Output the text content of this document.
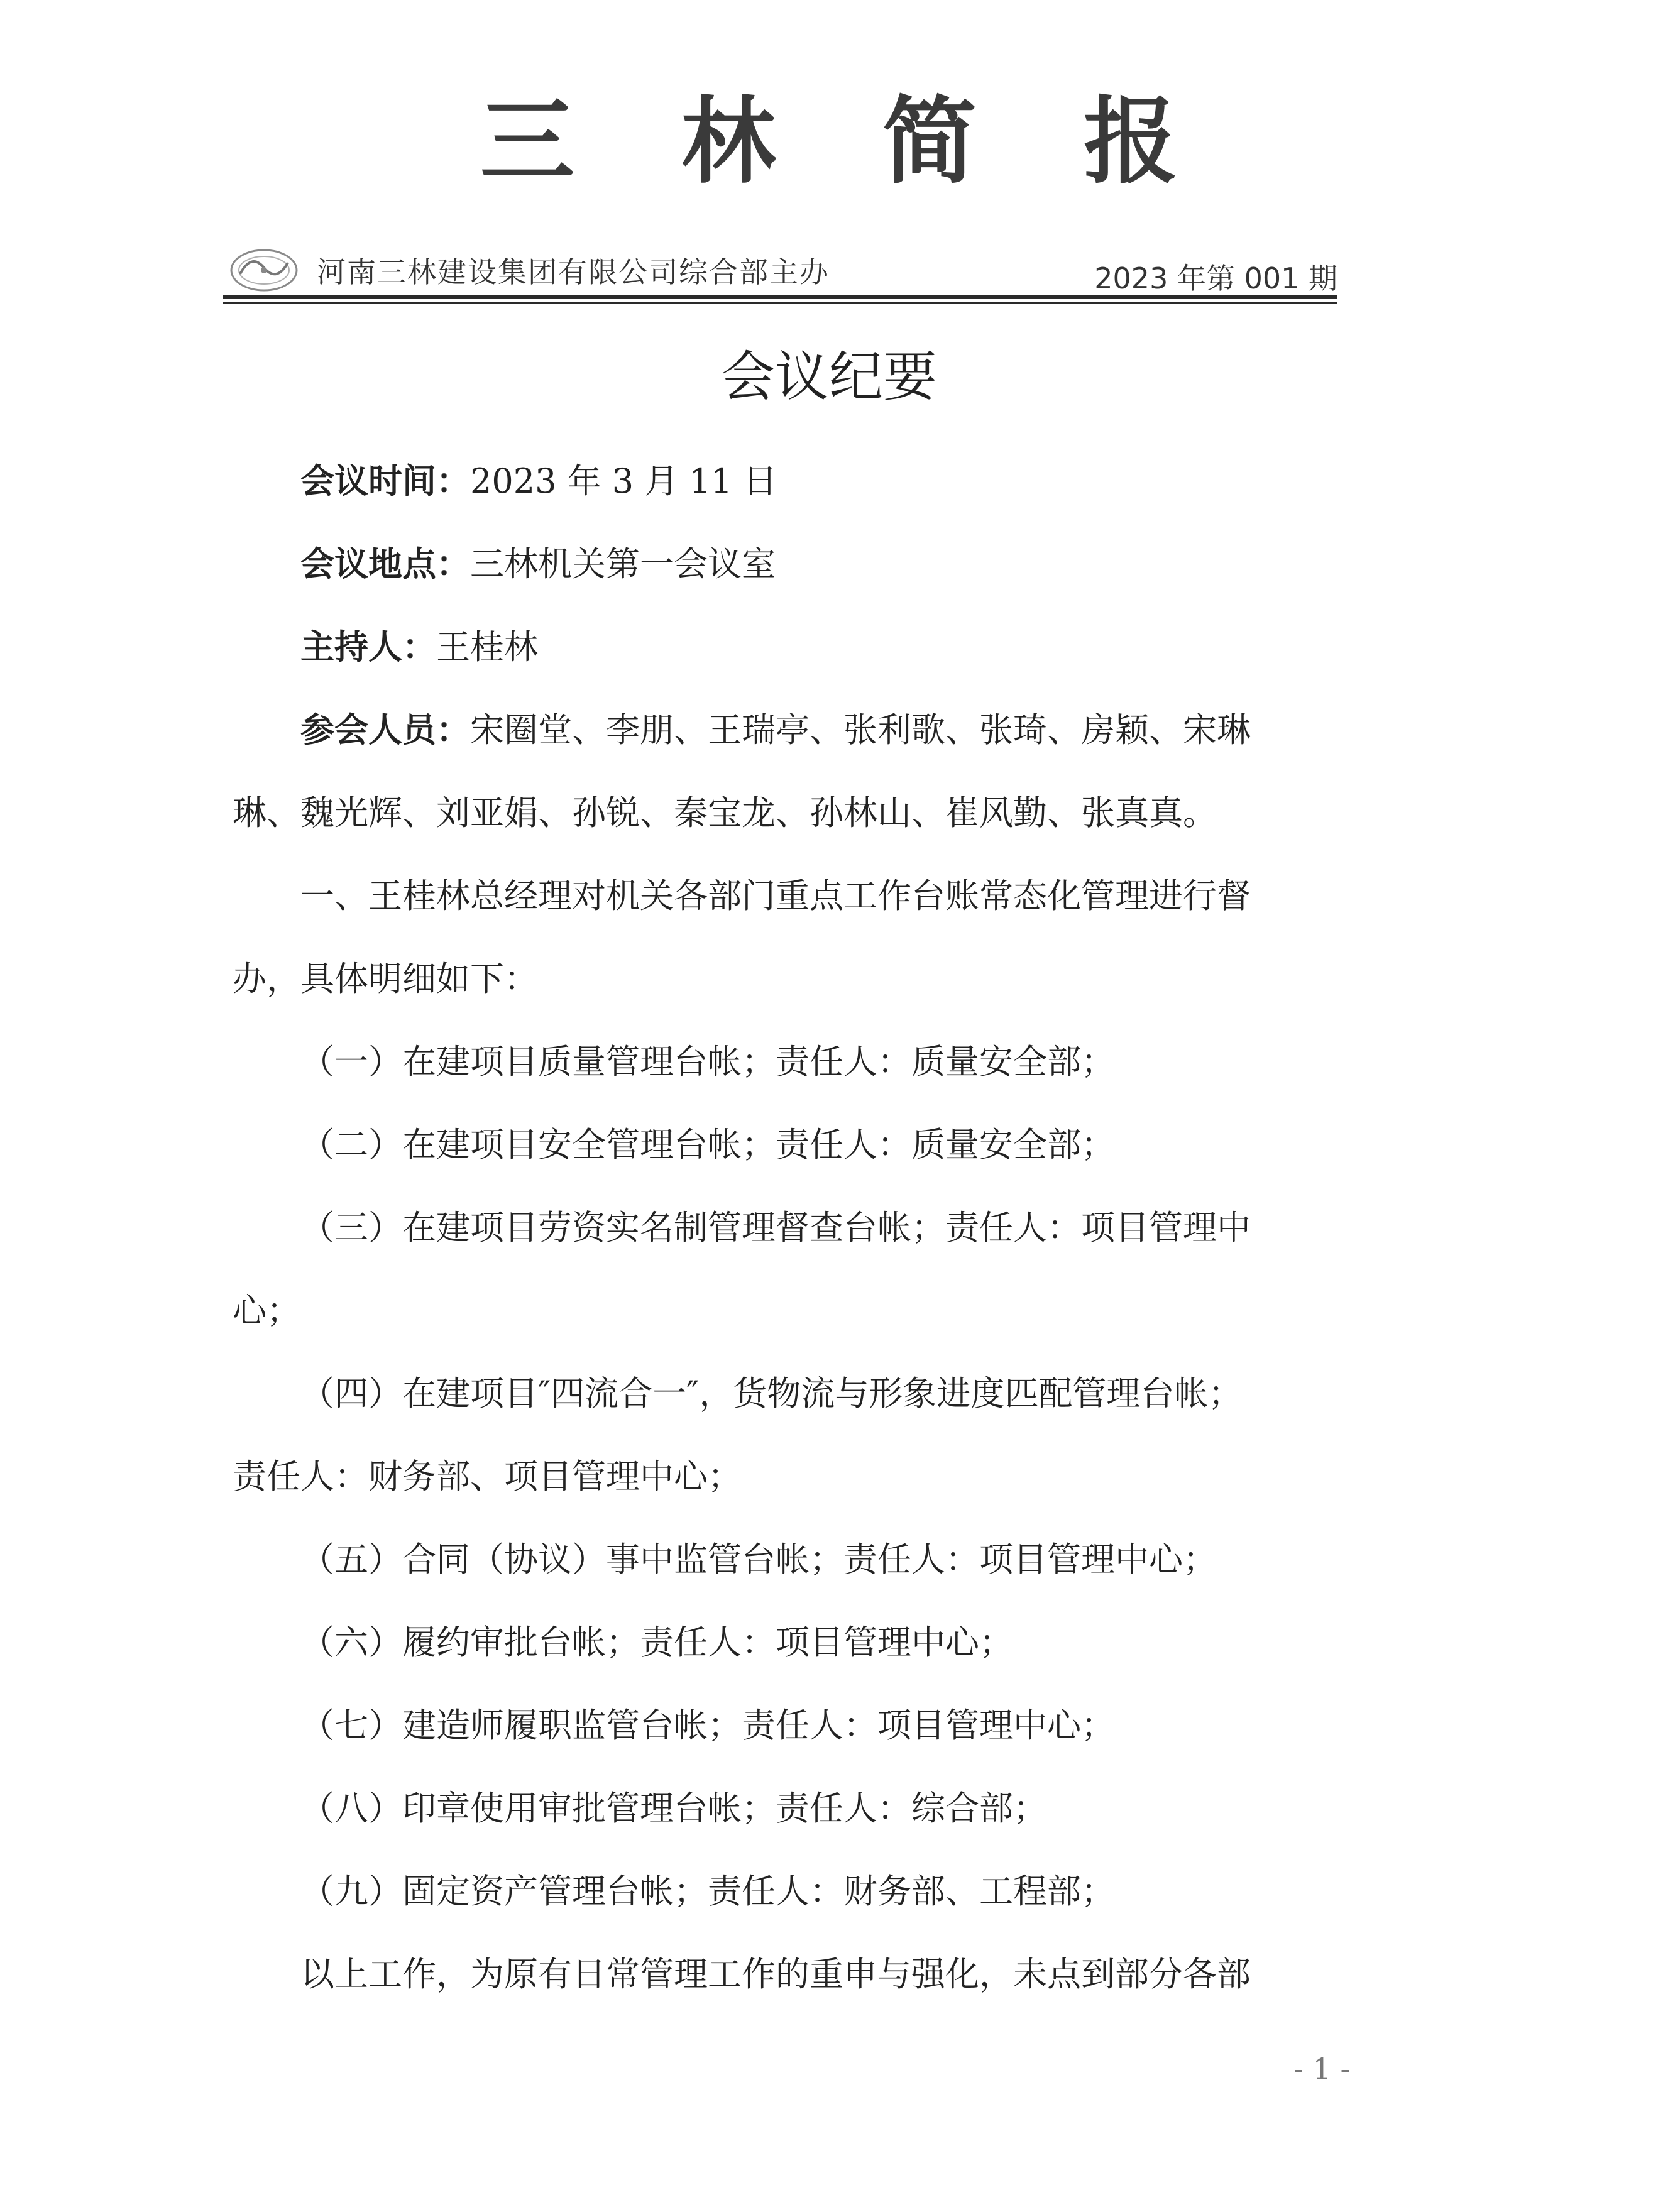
三 林 简 报
河南三林建设集团有限公司综合部主办	2023 年第 001 期
会议纪要
会议时间：2023 年 3 月 11 日
会议地点：三林机关第一会议室
主持人：王桂林
参会人员：宋圈堂、李朋、王瑞亭、张利歌、张琦、房颖、宋琳
琳、魏光辉、刘亚娟、孙锐、秦宝龙、孙林山、崔风勤、张真真。
一、王桂林总经理对机关各部门重点工作台账常态化管理进行督
办，具体明细如下：
（一）在建项目质量管理台帐；责任人：质量安全部；
（二）在建项目安全管理台帐；责任人：质量安全部；
（三）在建项目劳资实名制管理督查台帐；责任人：项目管理中
心；
（四）在建项目″四流合一″，货物流与形象进度匹配管理台帐；
责任人：财务部、项目管理中心；
（五）合同（协议）事中监管台帐；责任人：项目管理中心；
（六）履约审批台帐；责任人：项目管理中心；
（七）建造师履职监管台帐；责任人：项目管理中心；
（八）印章使用审批管理台帐；责任人：综合部；
（九）固定资产管理台帐；责任人：财务部、工程部；
以上工作，为原有日常管理工作的重申与强化，未点到部分各部
- 1 -
